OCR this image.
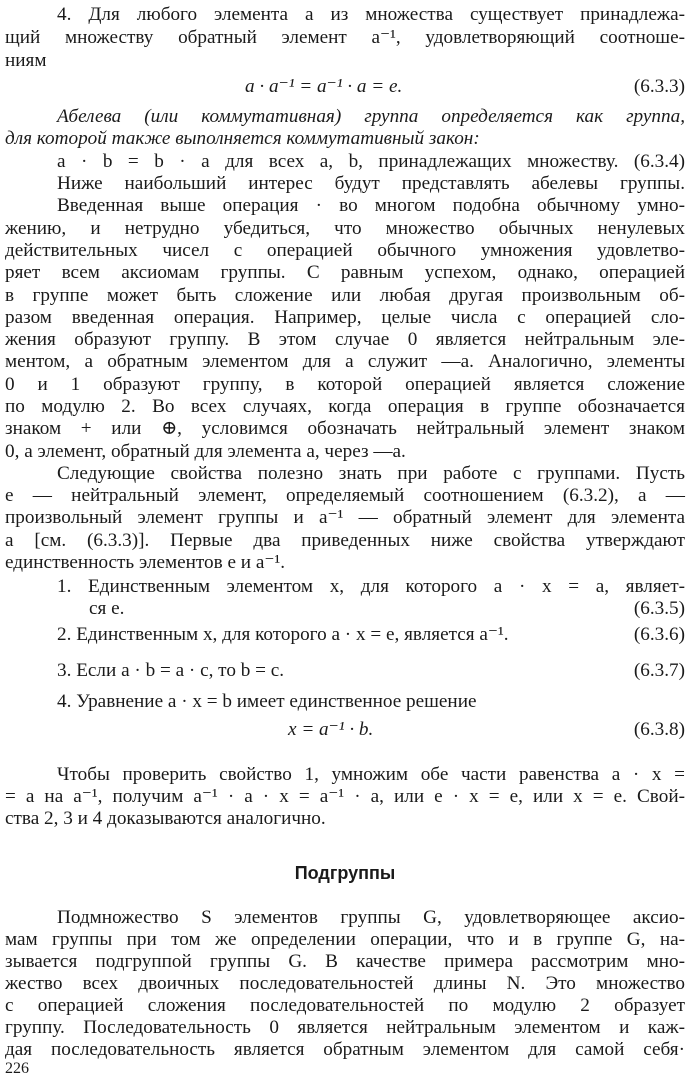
4. Для любого элемента a из множества существует принадлежа-
щий множеству обратный элемент a⁻¹, удовлетворяющий соотноше-
ниям
a · a⁻¹ = a⁻¹ · a = e.	(6.3.3)
Абелева (или коммутативная) группа определяется как группа,
для которой также выполняется коммутативный закон:
a · b = b · a для всех a, b, принадлежащих множеству. (6.3.4)
Ниже наибольший интерес будут представлять абелевы группы.
Введенная выше операция · во многом подобна обычному умно-
жению, и нетрудно убедиться, что множество обычных ненулевых
действительных чисел с операцией обычного умножения удовлетво-
ряет всем аксиомам группы. С равным успехом, однако, операцией
в группе может быть сложение или любая другая произвольным об-
разом введенная операция. Например, целые числа с операцией сло-
жения образуют группу. В этом случае 0 является нейтральным эле-
ментом, а обратным элементом для a служит —a. Аналогично, элементы
0 и 1 образуют группу, в которой операцией является сложение
по модулю 2. Во всех случаях, когда операция в группе обозначается
знаком + или ⊕, условимся обозначать нейтральный элемент знаком
0, а элемент, обратный для элемента a, через —a.
Следующие свойства полезно знать при работе с группами. Пусть
e — нейтральный элемент, определяемый соотношением (6.3.2), a —
произвольный элемент группы и a⁻¹ — обратный элемент для элемента
a [см. (6.3.3)]. Первые два приведенных ниже свойства утверждают
единственность элементов e и a⁻¹.
1. Единственным элементом x, для которого a · x = a, являет-
ся e.	(6.3.5)
2. Единственным x, для которого a · x = e, является a⁻¹.	(6.3.6)
3. Если a · b = a · c, то b = c.	(6.3.7)
4. Уравнение a · x = b имеет единственное решение
x = a⁻¹ · b.	(6.3.8)
Чтобы проверить свойство 1, умножим обе части равенства a · x =
= a на a⁻¹, получим a⁻¹ · a · x = a⁻¹ · a, или e · x = e, или x = e. Свой-
ства 2, 3 и 4 доказываются аналогично.
Подгруппы
Подмножество S элементов группы G, удовлетворяющее аксио-
мам группы при том же определении операции, что и в группе G, на-
зывается подгруппой группы G. В качестве примера рассмотрим мно-
жество всех двоичных последовательностей длины N. Это множество
с операцией сложения последовательностей по модулю 2 образует
группу. Последовательность 0 является нейтральным элементом и каж-
дая последовательность является обратным элементом для самой себя·
226
